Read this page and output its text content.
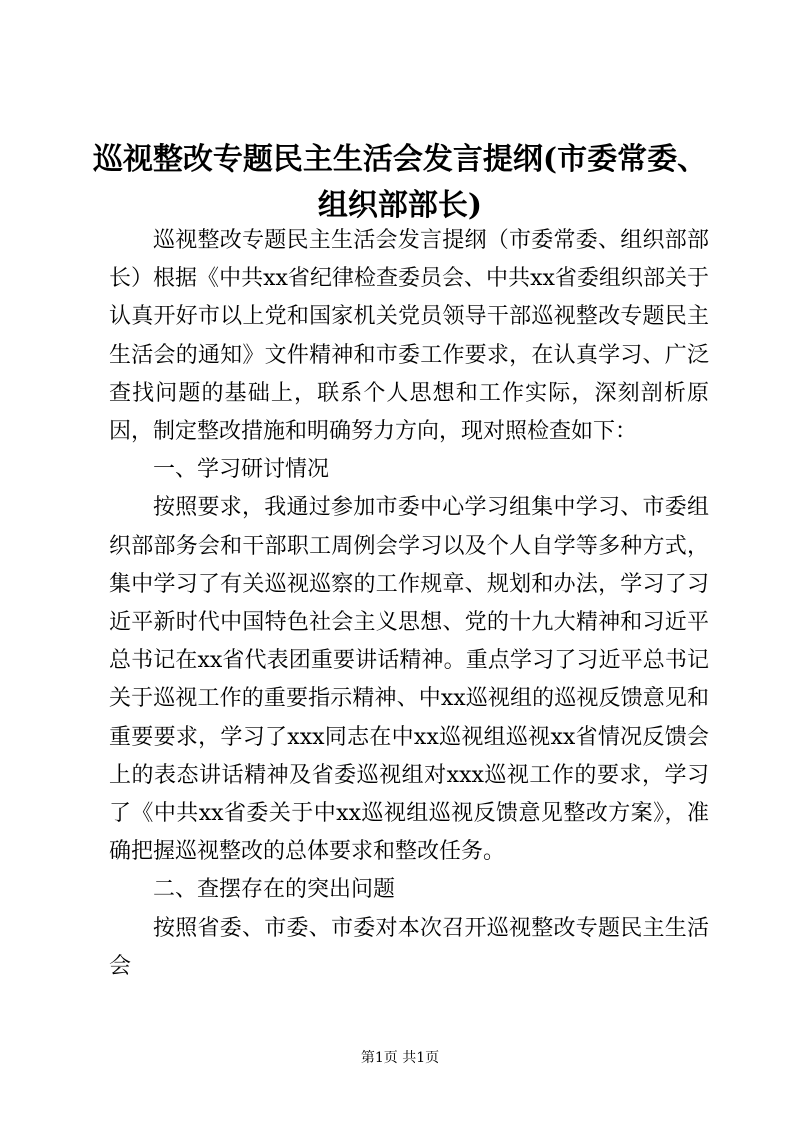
巡视整改专题民主生活会发言提纲(市委常委、组织部部长)

巡视整改专题民主生活会发言提纲（市委常委、组织部部长）根据《中共xx省纪律检查委员会、中共xx省委组织部关于认真开好市以上党和国家机关党员领导干部巡视整改专题民主生活会的通知》文件精神和市委工作要求，在认真学习、广泛查找问题的基础上，联系个人思想和工作实际，深刻剖析原因，制定整改措施和明确努力方向，现对照检查如下：

一、学习研讨情况

按照要求，我通过参加市委中心学习组集中学习、市委组织部部务会和干部职工周例会学习以及个人自学等多种方式，集中学习了有关巡视巡察的工作规章、规划和办法，学习了习近平新时代中国特色社会主义思想、党的十九大精神和习近平总书记在xx省代表团重要讲话精神。重点学习了习近平总书记关于巡视工作的重要指示精神、中xx巡视组的巡视反馈意见和重要要求，学习了xxx同志在中xx巡视组巡视xx省情况反馈会上的表态讲话精神及省委巡视组对xxx巡视工作的要求，学习了《中共xx省委关于中xx巡视组巡视反馈意见整改方案》，准确把握巡视整改的总体要求和整改任务。

二、查摆存在的突出问题

按照省委、市委、市委对本次召开巡视整改专题民主生活会

第1页 共1页
